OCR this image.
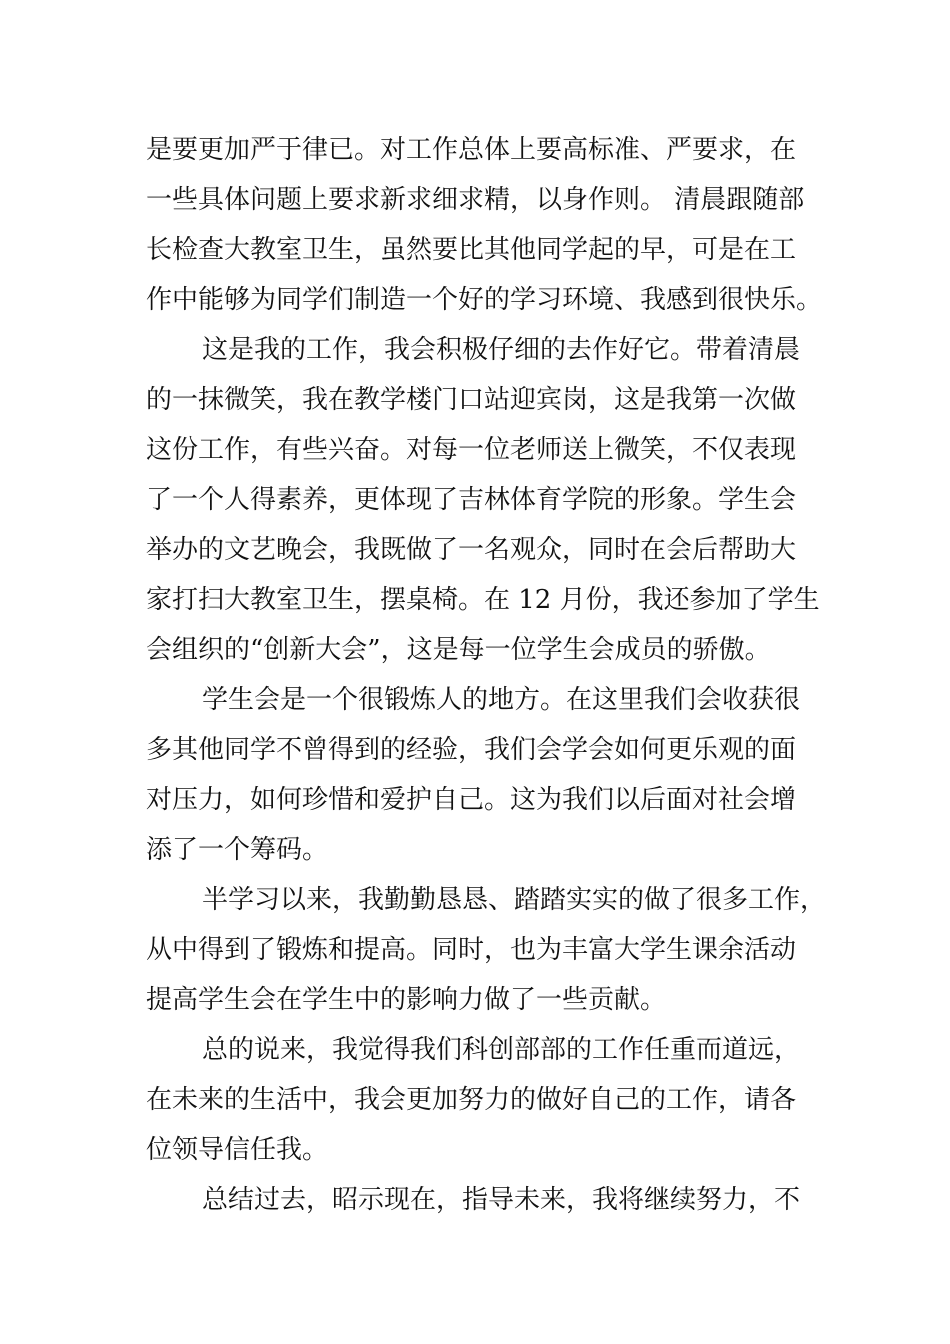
是要更加严于律已。对工作总体上要高标准、严要求，在
一些具体问题上要求新求细求精，以身作则。 清晨跟随部
长检查大教室卫生，虽然要比其他同学起的早，可是在工
作中能够为同学们制造一个好的学习环境、我感到很快乐。
这是我的工作，我会积极仔细的去作好它。带着清晨
的一抹微笑，我在教学楼门口站迎宾岗，这是我第一次做
这份工作，有些兴奋。对每一位老师送上微笑，不仅表现
了一个人得素养，更体现了吉林体育学院的形象。学生会
举办的文艺晚会，我既做了一名观众，同时在会后帮助大
家打扫大教室卫生，摆桌椅。在 12 月份，我还参加了学生
会组织的“创新大会”，这是每一位学生会成员的骄傲。
学生会是一个很锻炼人的地方。在这里我们会收获很
多其他同学不曾得到的经验，我们会学会如何更乐观的面
对压力，如何珍惜和爱护自己。这为我们以后面对社会增
添了一个筹码。
半学习以来，我勤勤恳恳、踏踏实实的做了很多工作，
从中得到了锻炼和提高。同时，也为丰富大学生课余活动
提高学生会在学生中的影响力做了一些贡献。
总的说来，我觉得我们科创部部的工作任重而道远，
在未来的生活中，我会更加努力的做好自己的工作，请各
位领导信任我。
总结过去，昭示现在，指导未来，我将继续努力，不
